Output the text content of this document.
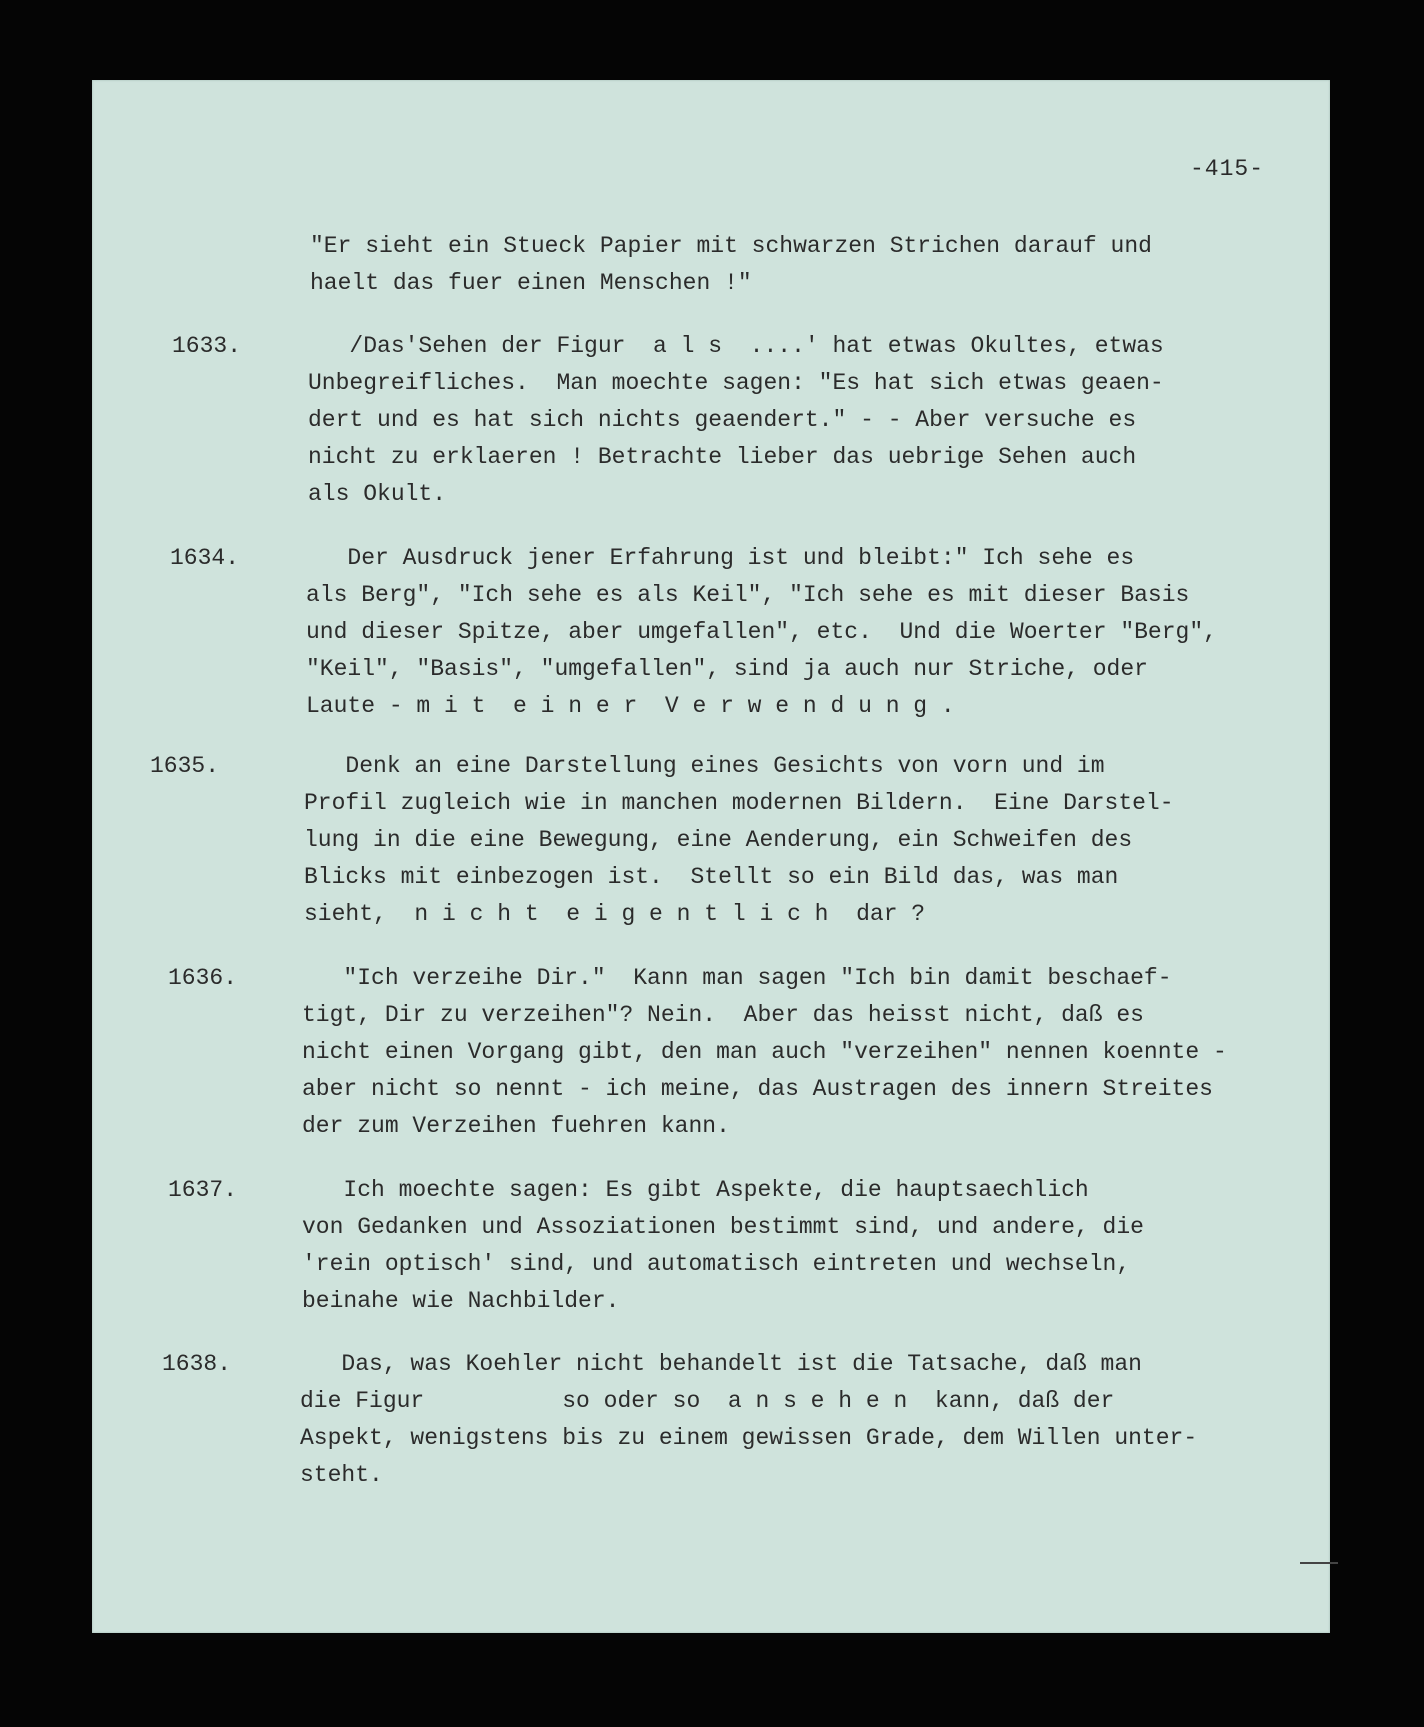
-415-
"Er sieht ein Stueck Papier mit schwarzen Strichen darauf und
haelt das fuer einen Menschen !"
1633.	/Das'Sehen der Figur  a l s  ....' hat etwas Okultes, etwas
Unbegreifliches.  Man moechte sagen: "Es hat sich etwas geaen-
dert und es hat sich nichts geaendert." - - Aber versuche es
nicht zu erklaeren ! Betrachte lieber das uebrige Sehen auch
als Okult.
1634.	Der Ausdruck jener Erfahrung ist und bleibt:" Ich sehe es
als Berg", "Ich sehe es als Keil", "Ich sehe es mit dieser Basis
und dieser Spitze, aber umgefallen", etc.  Und die Woerter "Berg",
"Keil", "Basis", "umgefallen", sind ja auch nur Striche, oder
Laute - m i t  e i n e r  V e r w e n d u n g .
1635.	Denk an eine Darstellung eines Gesichts von vorn und im
Profil zugleich wie in manchen modernen Bildern.  Eine Darstel-
lung in die eine Bewegung, eine Aenderung, ein Schweifen des
Blicks mit einbezogen ist.  Stellt so ein Bild das, was man
sieht,  n i c h t  e i g e n t l i c h  dar ?
1636.	"Ich verzeihe Dir."  Kann man sagen "Ich bin damit beschaef-
tigt, Dir zu verzeihen"? Nein.  Aber das heisst nicht, daß es
nicht einen Vorgang gibt, den man auch "verzeihen" nennen koennte -
aber nicht so nennt - ich meine, das Austragen des innern Streites
der zum Verzeihen fuehren kann.
1637.	Ich moechte sagen: Es gibt Aspekte, die hauptsaechlich
von Gedanken und Assoziationen bestimmt sind, und andere, die
'rein optisch' sind, und automatisch eintreten und wechseln,
beinahe wie Nachbilder.
1638.	Das, was Koehler nicht behandelt ist die Tatsache, daß man
die Figur          so oder so  a n s e h e n  kann, daß der
Aspekt, wenigstens bis zu einem gewissen Grade, dem Willen unter-
steht.
